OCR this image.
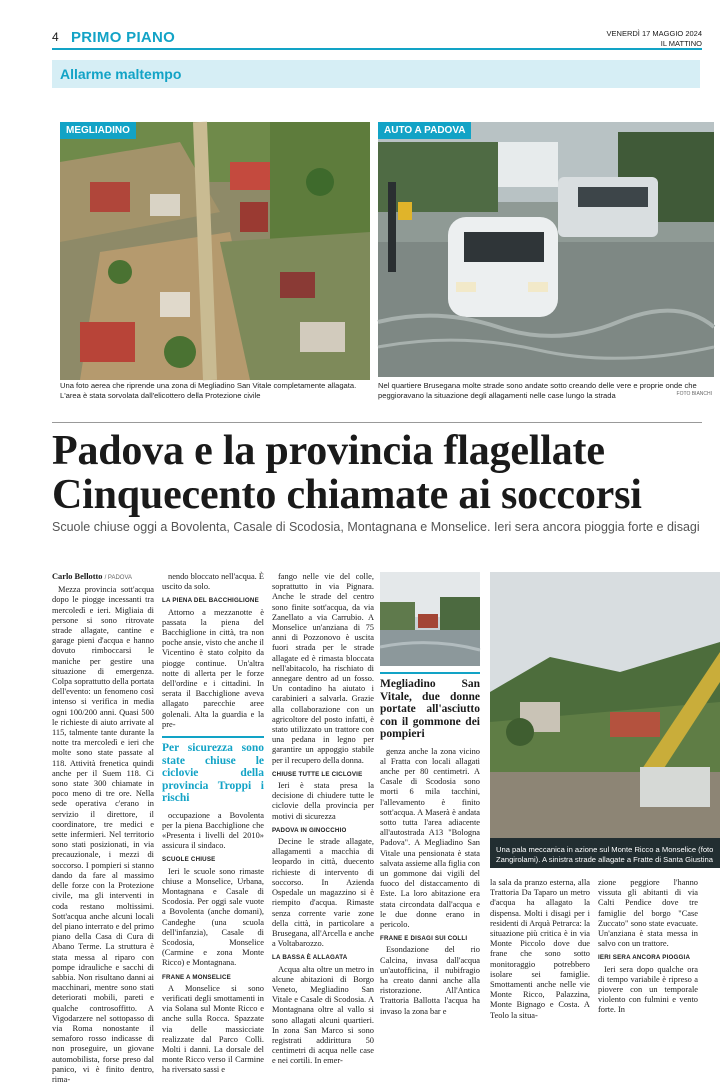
4 PRIMO PIANO	VENERDÌ 17 MAGGIO 2024
IL MATTINO
Allarme maltempo
MEGLIADINO
Una foto aerea che riprende una zona di Megliadino San Vitale completamente allagata. L'area è stata sorvolata dall'elicottero della Protezione civile
AUTO A PADOVA
Nel quartiere Brusegana molte strade sono andate sotto creando delle vere e proprie onde che peggioravano la situazione degli allagamenti nelle case lungo la strada	FOTO BIANCHI
Padova e la provincia flagellate
Cinquecento chiamate ai soccorsi
Scuole chiuse oggi a Bovolenta, Casale di Scodosia, Montagnana e Monselice. Ieri sera ancora pioggia forte e disagi
Carlo Bellotto / PADOVA

Mezza provincia sott'acqua dopo le piogge incessanti tra mercoledì e ieri. Migliaia di persone si sono ritrovate strade allagate, cantine e garage pieni d'acqua e hanno dovuto rimboccarsi le maniche per gestire una situazione di emergenza. Colpa soprattutto della portata dell'evento: un fenomeno così intenso si verifica in media ogni 100/200 anni. Quasi 500 le richieste di aiuto arrivate al 115, talmente tante durante la notte tra mercoledì e ieri che molte sono state passate al 118. Attività frenetica quindi anche per il Suem 118. Ci sono state 300 chiamate in poco meno di tre ore. Nella sede operativa c'erano in servizio il direttore, il coordinatore, tre medici e sette infermieri. Nel territorio sono stati posizionati, in via precauzionale, i mezzi di soccorso. I pompieri si stanno dando da fare al massimo delle forze con la Protezione civile, ma gli interventi in coda restano moltissimi. Sott'acqua anche alcuni locali del piano interrato e del primo piano della Casa di Cura di Abano Terme. La struttura è stata messa al riparo con pompe idrauliche e sacchi di sabbia. Non risultano danni ai macchinari, mentre sono stati deteriorati mobili, pareti e qualche controsoffitto. A Vigodarzere nel sottopasso di via Roma nonostante il semaforo rosso indicasse di non proseguire, un giovane automobilista, forse preso dal panico, vi è finito dentro, rima-

nendo bloccato nell'acqua. È uscito da solo.

LA PIENA DEL BACCHIGLIONE

Attorno a mezzanotte è passata la piena del Bacchiglione in città, tra non poche ansie, visto che anche il Vicentino è stato colpito da piogge continue. Un'altra notte di allerta per le forze dell'ordine e i cittadini. In serata il Bacchiglione aveva allagato parecchie aree golenali. Alta la guardia e la pre-

Per sicurezza sono state chiuse le ciclovie della provincia Troppi i rischi

occupazione a Bovolenta per la piena Bacchiglione che «Presenta i livelli del 2010» assicura il sindaco.

SCUOLE CHIUSE

Ieri le scuole sono rimaste chiuse a Monselice, Urbana, Montagnana e Casale di Scodosia. Per oggi sale vuote a Bovolenta (anche domani), Candeghe (una scuola dell'infanzia), Casale di Scodosia, Monselice (Carmine e zona Monte Ricco) e Montagnana.

FRANE A MONSELICE

A Monselice si sono verificati degli smottamenti in via Solana sul Monte Ricco e anche sulla Rocca. Spazzate via delle massicciate realizzate dal Parco Colli. Molti i danni. La dorsale del monte Ricco verso il Carmine ha riversato sassi e

fango nelle vie del colle, soprattutto in via Pignara. Anche le strade del centro sono finite sott'acqua, da via Zanellato a via Carrubio. A Monselice un'anziana di 75 anni di Pozzonovo è uscita fuori strada per le strade allagate ed è rimasta bloccata nell'abitacolo, ha rischiato di annegare dentro ad un fosso. Un contadino ha aiutato i carabinieri a salvarla. Grazie alla collaborazione con un agricoltore del posto infatti, è stato utilizzato un trattore con una pedana in legno per garantire un appoggio stabile per il recupero della donna.

CHIUSE TUTTE LE CICLOVIE

Ieri è stata presa la decisione di chiudere tutte le ciclovie della provincia per motivi di sicurezza

PADOVA IN GINOCCHIO

Decine le strade allagate, allagamenti a macchia di leopardo in città, duecento richieste di intervento di soccorso. In Azienda Ospedale un magazzino si è riempito d'acqua. Rimaste senza corrente varie zone della città, in particolare a Brusegana, all'Arcella e anche a Voltabarozzo.

LA BASSA È ALLAGATA

Acqua alta oltre un metro in alcune abitazioni di Borgo Veneto, Megliadino San Vitale e Casale di Scodosia. A Montagnana oltre al vallo si sono allagati alcuni quartieri. In zona San Marco si sono registrati addirittura 50 centimetri di acqua nelle case e nei cortili. In emer-

Megliadino San Vitale, due donne portate all'asciutto con il gommone dei pompieri

genza anche la zona vicino al Fratta con locali allagati anche per 80 centimetri. A Casale di Scodosia sono morti 6 mila tacchini, l'allevamento è finito sott'acqua. A Maserà è andata sotto tutta l'area adiacente all'autostrada A13 "Bologna Padova". A Megliadino San Vitale una pensionata è stata salvata assieme alla figlia con un gommone dai vigili del fuoco del distaccamento di Este. La loro abitazione era stata circondata dall'acqua e le due donne erano in pericolo.

FRANE E DISAGI SUI COLLI

Esondazione del rio Calcina, invasa dall'acqua un'autofficina, il nubifragio ha creato danni anche alla ristorazione. All'Antica Trattoria Ballotta l'acqua ha invaso la zona bar e

Una pala meccanica in azione sul Monte Ricco a Monselice (foto Zangirolami). A sinistra strade allagate a Fratte di Santa Giustina

la sala da pranzo esterna, alla Trattoria Da Taparo un metro d'acqua ha allagato la dispensa. Molti i disagi per i residenti di Arquà Petrarca: la situazione più critica è in via Monte Piccolo dove due frane che sono sotto monitoraggio potrebbero isolare sei famiglie. Smottamenti anche nelle vie Monte Ricco, Palazzina, Monte Bignago e Costa. A Teolo la situa-

zione peggiore l'hanno vissuta gli abitanti di via Calti Pendice dove tre famiglie del borgo "Case Zuccato" sono state evacuate. Un'anziana è stata messa in salvo con un trattore.

IERI SERA ANCORA PIOGGIA

Ieri sera dopo qualche ora di tempo variabile è ripreso a piovere con un temporale violento con fulmini e vento forte. In
